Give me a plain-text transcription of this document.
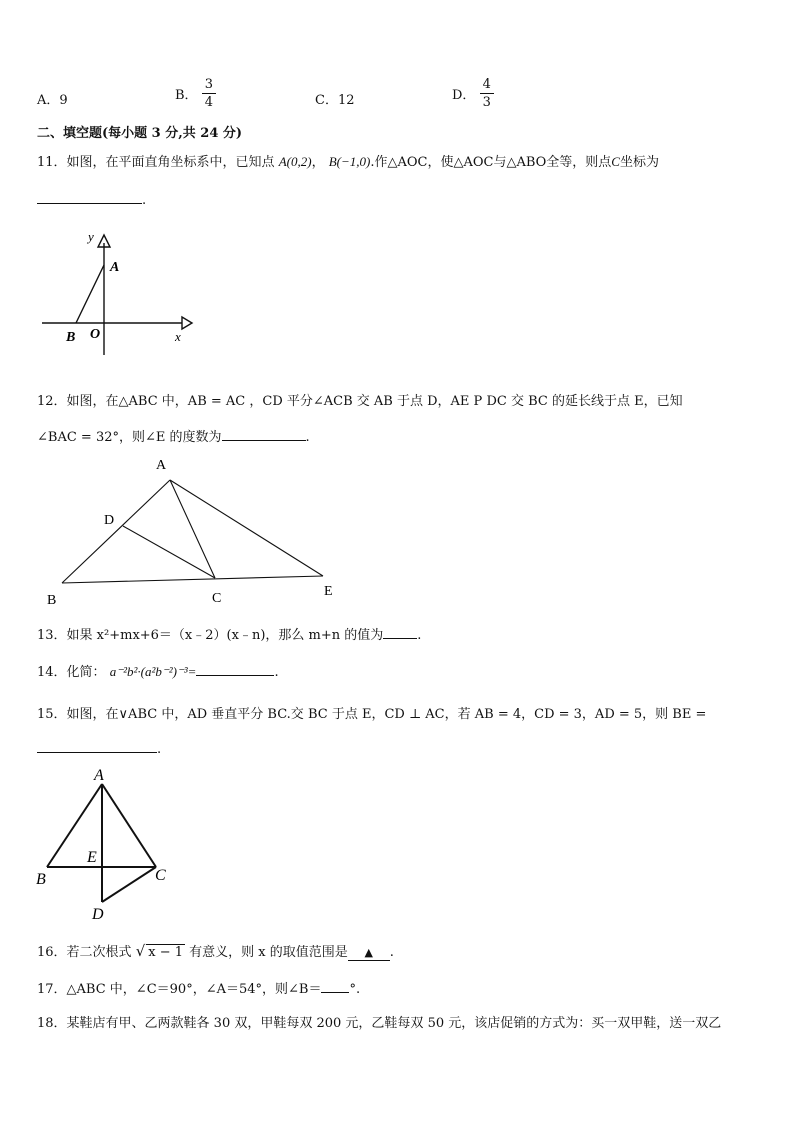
A．9	B． $\frac{3}{4}$	C．12	D． $\frac{4}{3}$
二、填空题(每小题 3 分,共 24 分)
11．如图，在平面直角坐标系中，已知点 A(0,2)， B(−1,0).作△AOC，使△AOC与△ABO全等，则点C坐标为
.
y
A
B O	x
12．如图，在△ABC 中，AB = AC ，CD 平分∠ACB 交 AB 于点 D，AE P DC 交 BC 的延长线于点 E，已知
∠BAC = 32°，则∠E 的度数为	.
A
D
B	C	E
13．如果 x²+mx+6＝（x﹣2）(x﹣n)，那么 m+n 的值为	.
14．化简： a⁻²b²·(a²b⁻²)⁻³=	.
15．如图，在∨ABC 中，AD 垂直平分 BC.交 BC 于点 E，CD ⊥ AC，若 AB = 4，CD = 3，AD = 5，则 BE =
.
A
E
B	C
D
16．若二次根式 √ x − 1 有意义，则 x 的取值范围是 ▲ .
17．△ABC 中，∠C＝90°，∠A＝54°，则∠B＝ °.
18．某鞋店有甲、乙两款鞋各 30 双，甲鞋每双 200 元，乙鞋每双 50 元，该店促销的方式为：买一双甲鞋，送一双乙
